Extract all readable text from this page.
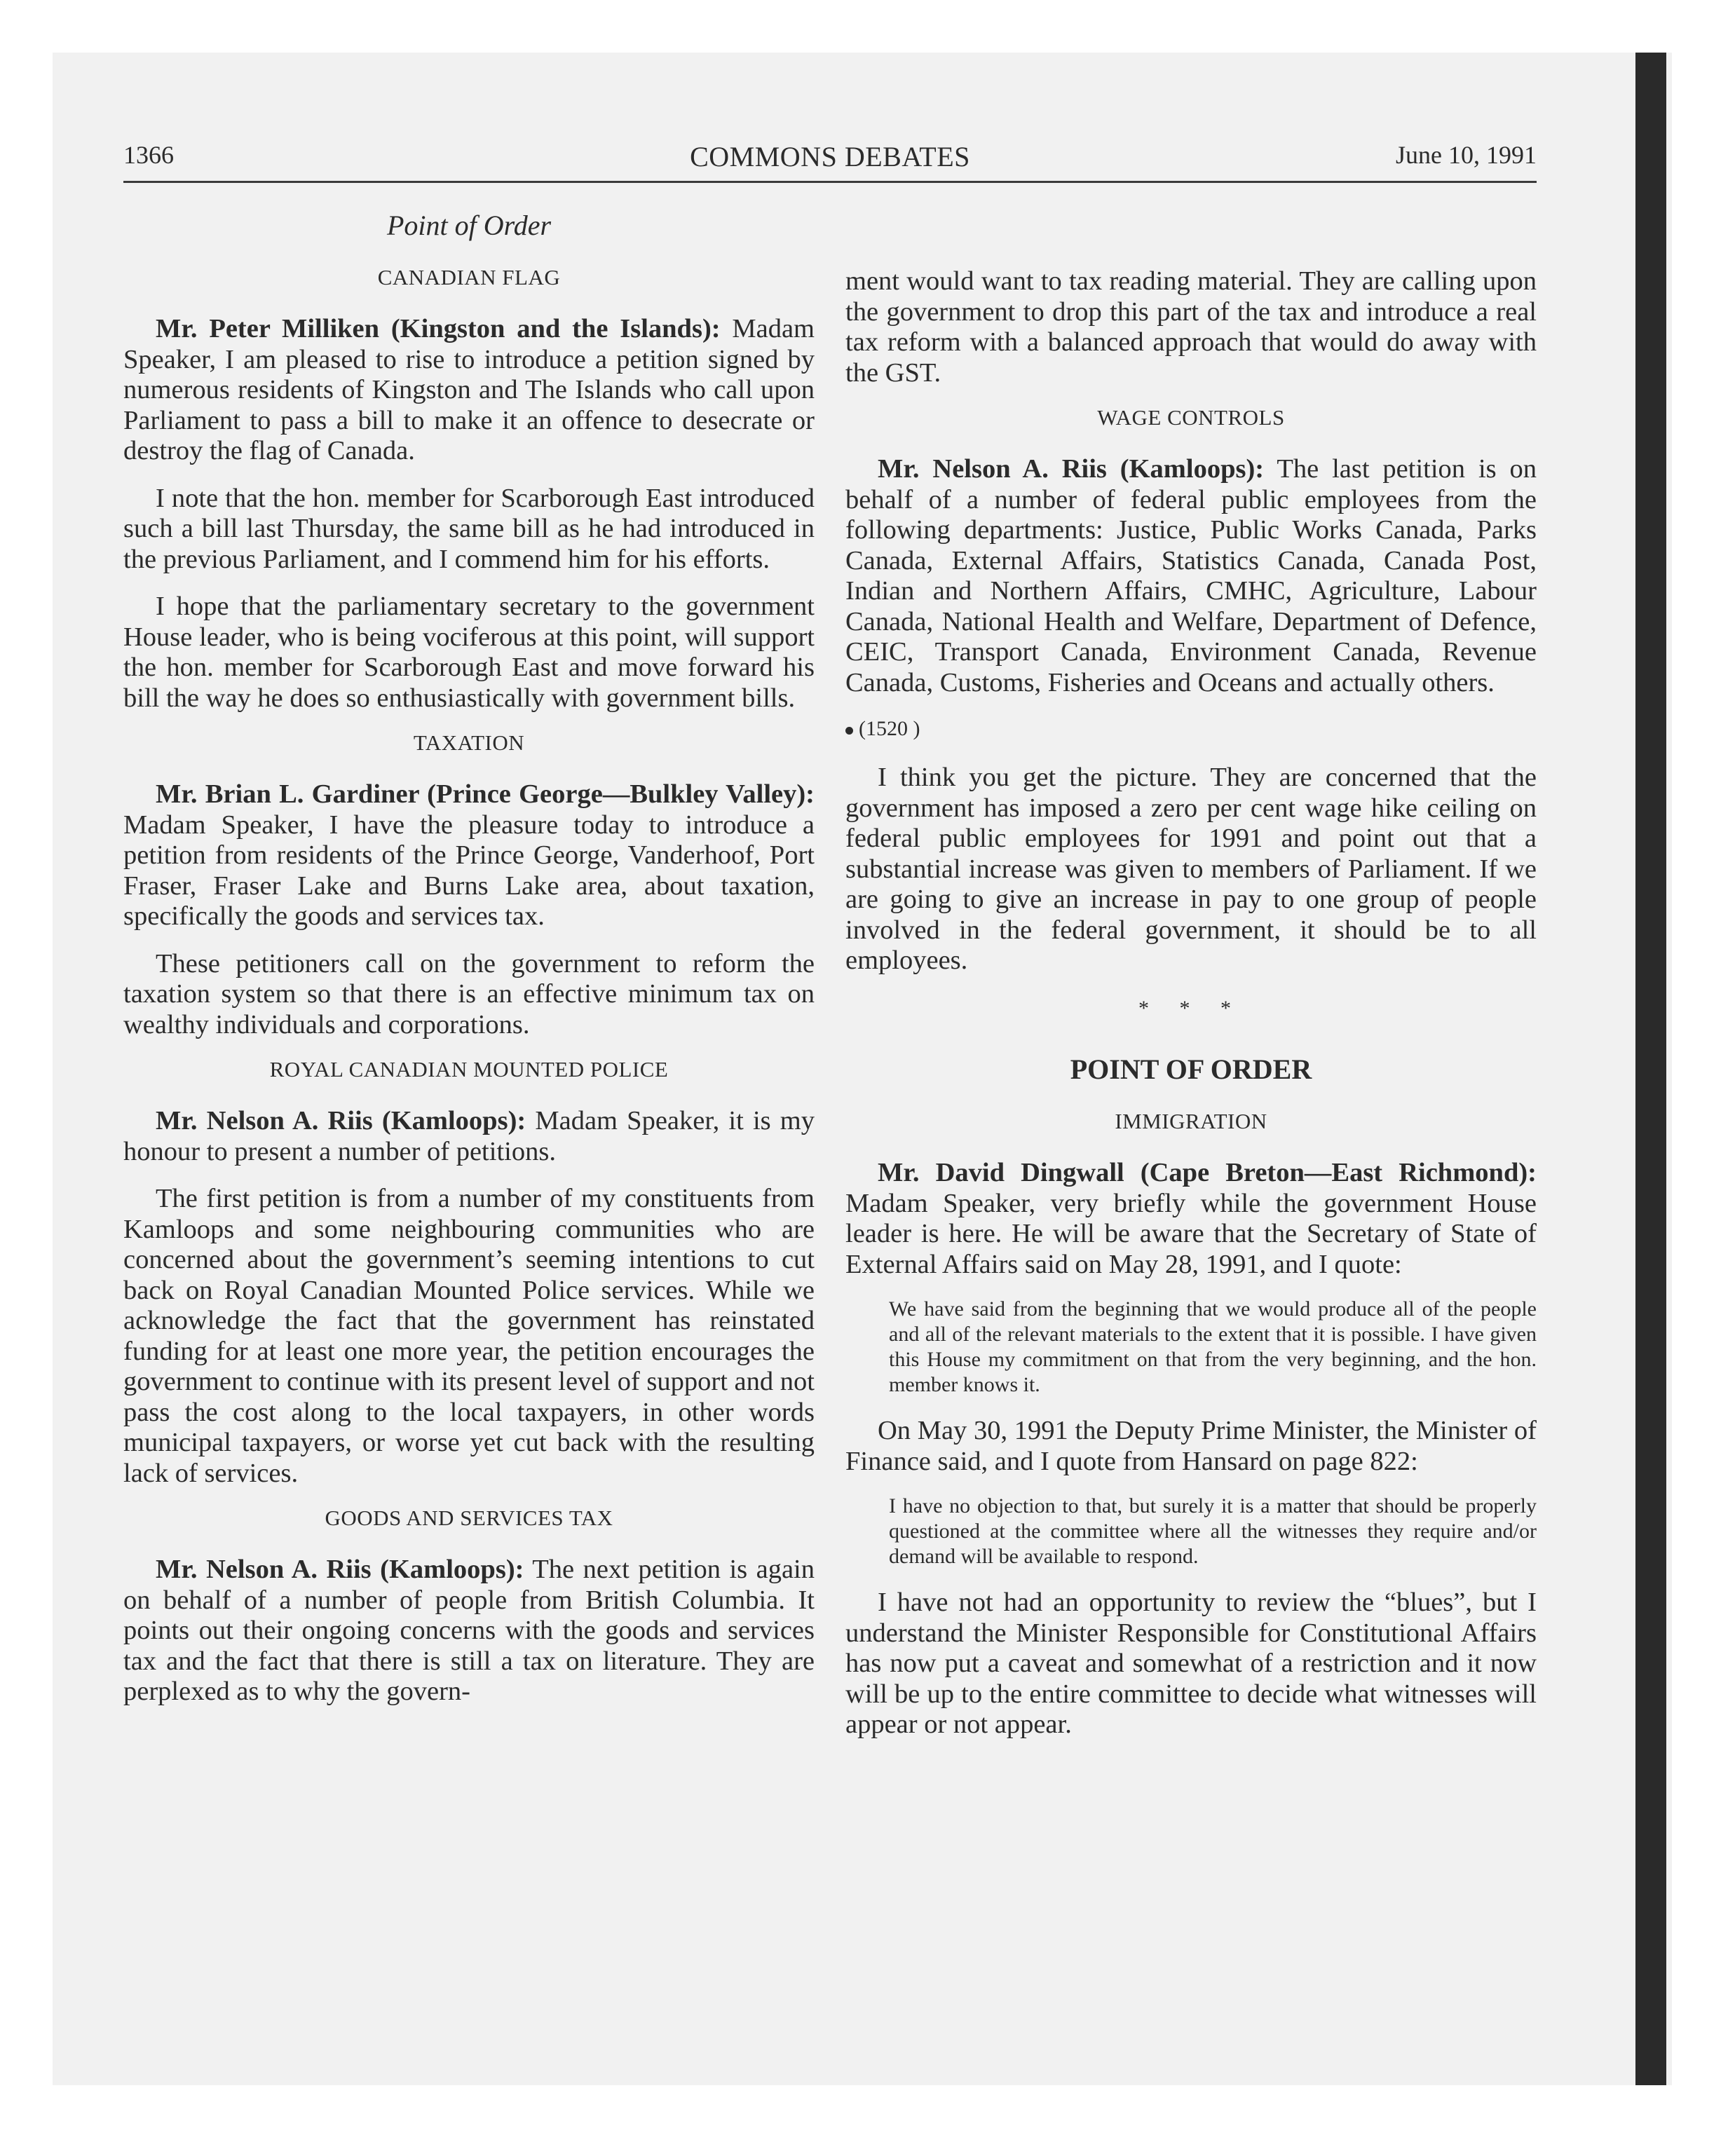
1366	COMMONS DEBATES	June 10, 1991
Point of Order
CANADIAN FLAG

Mr. Peter Milliken (Kingston and the Islands): Madam Speaker, I am pleased to rise to introduce a petition signed by numerous residents of Kingston and The Islands who call upon Parliament to pass a bill to make it an offence to desecrate or destroy the flag of Canada.

I note that the hon. member for Scarborough East introduced such a bill last Thursday, the same bill as he had introduced in the previous Parliament, and I commend him for his efforts.

I hope that the parliamentary secretary to the government House leader, who is being vociferous at this point, will support the hon. member for Scarborough East and move forward his bill the way he does so enthusiastically with government bills.

TAXATION

Mr. Brian L. Gardiner (Prince George—Bulkley Valley): Madam Speaker, I have the pleasure today to introduce a petition from residents of the Prince George, Vanderhoof, Port Fraser, Fraser Lake and Burns Lake area, about taxation, specifically the goods and services tax.

These petitioners call on the government to reform the taxation system so that there is an effective minimum tax on wealthy individuals and corporations.

ROYAL CANADIAN MOUNTED POLICE

Mr. Nelson A. Riis (Kamloops): Madam Speaker, it is my honour to present a number of petitions.

The first petition is from a number of my constituents from Kamloops and some neighbouring communities who are concerned about the government’s seeming intentions to cut back on Royal Canadian Mounted Police services. While we acknowledge the fact that the government has reinstated funding for at least one more year, the petition encourages the government to continue with its present level of support and not pass the cost along to the local taxpayers, in other words municipal taxpayers, or worse yet cut back with the resulting lack of services.

GOODS AND SERVICES TAX

Mr. Nelson A. Riis (Kamloops): The next petition is again on behalf of a number of people from British Columbia. It points out their ongoing concerns with the goods and services tax and the fact that there is still a tax on literature. They are perplexed as to why the govern-

ment would want to tax reading material. They are calling upon the government to drop this part of the tax and introduce a real tax reform with a balanced approach that would do away with the GST.

WAGE CONTROLS

Mr. Nelson A. Riis (Kamloops): The last petition is on behalf of a number of federal public employees from the following departments: Justice, Public Works Canada, Parks Canada, External Affairs, Statistics Canada, Canada Post, Indian and Northern Affairs, CMHC, Agriculture, Labour Canada, National Health and Welfare, Department of Defence, CEIC, Transport Canada, Environment Canada, Revenue Canada, Customs, Fisheries and Oceans and actually others.

(1520 )

I think you get the picture. They are concerned that the government has imposed a zero per cent wage hike ceiling on federal public employees for 1991 and point out that a substantial increase was given to members of Parliament. If we are going to give an increase in pay to one group of people involved in the federal government, it should be to all employees.

* * *
POINT OF ORDER
IMMIGRATION

Mr. David Dingwall (Cape Breton—East Richmond): Madam Speaker, very briefly while the government House leader is here. He will be aware that the Secretary of State of External Affairs said on May 28, 1991, and I quote:

We have said from the beginning that we would produce all of the people and all of the relevant materials to the extent that it is possible. I have given this House my commitment on that from the very beginning, and the hon. member knows it.

On May 30, 1991 the Deputy Prime Minister, the Minister of Finance said, and I quote from Hansard on page 822:

I have no objection to that, but surely it is a matter that should be properly questioned at the committee where all the witnesses they require and/or demand will be available to respond.

I have not had an opportunity to review the “blues”, but I understand the Minister Responsible for Constitutional Affairs has now put a caveat and somewhat of a restriction and it now will be up to the entire committee to decide what witnesses will appear or not appear.
